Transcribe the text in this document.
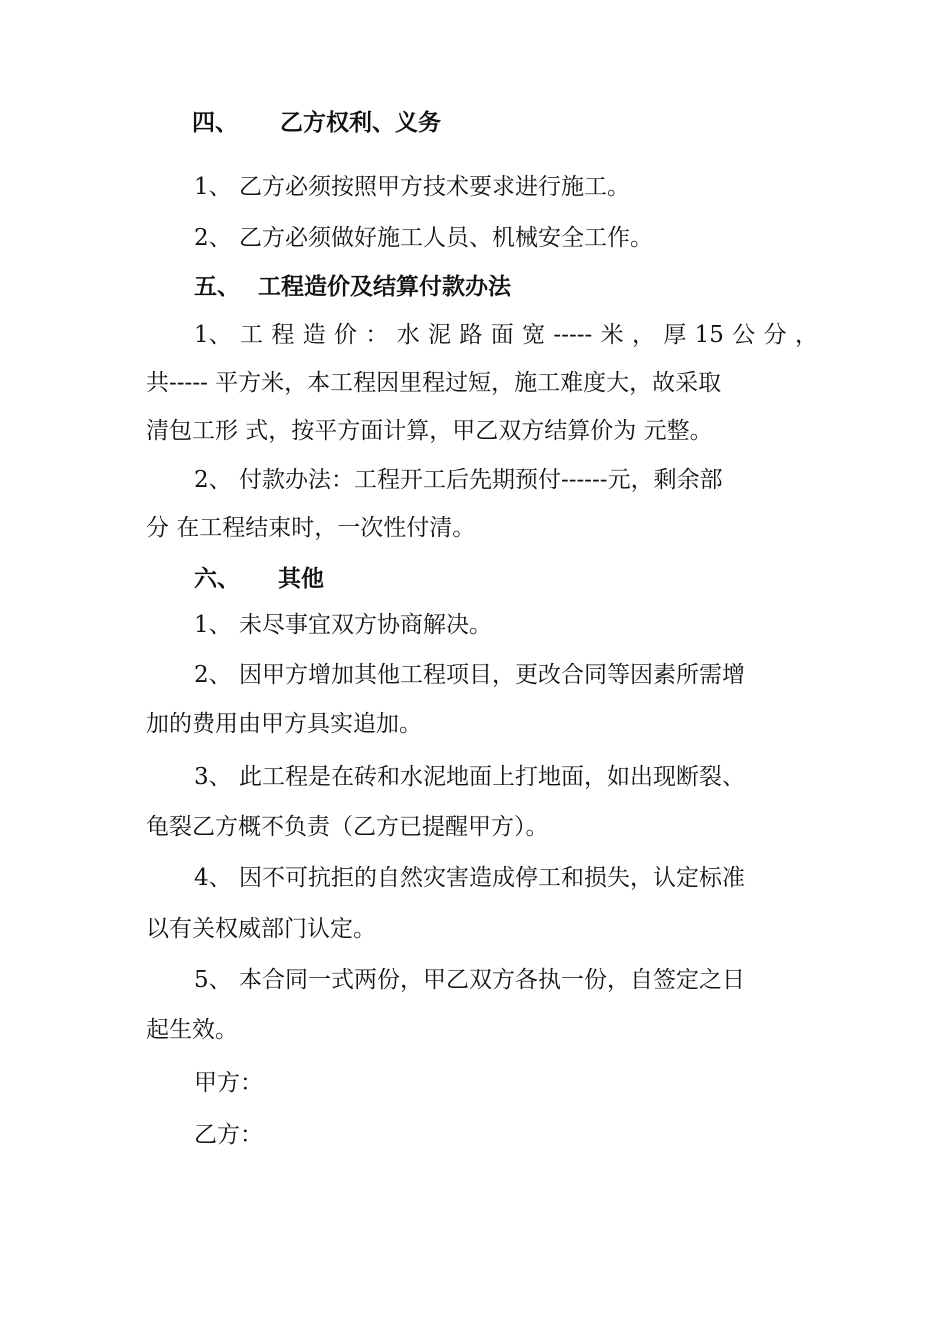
四、 乙方权利、义务

1、 乙方必须按照甲方技术要求进行施工。

2、 乙方必须做好施工人员、机械安全工作。

五、 工程造价及结算付款办法

1、 工 程 造 价 ： 水 泥 路 面 宽 ----- 米 ， 厚 15 公 分 ，

共----- 平方米，本工程因里程过短，施工难度大，故采取

清包工形 式，按平方面计算，甲乙双方结算价为 元整。

2、 付款办法：工程开工后先期预付------元，剩余部

分 在工程结束时，一次性付清。

六、 其他

1、 未尽事宜双方协商解决。

2、 因甲方增加其他工程项目，更改合同等因素所需增

加的费用由甲方具实追加。

3、 此工程是在砖和水泥地面上打地面，如出现断裂、

龟裂乙方概不负责（乙方已提醒甲方）。

4、 因不可抗拒的自然灾害造成停工和损失，认定标准

以有关权威部门认定。

5、 本合同一式两份，甲乙双方各执一份，自签定之日

起生效。

甲方：

乙方：
